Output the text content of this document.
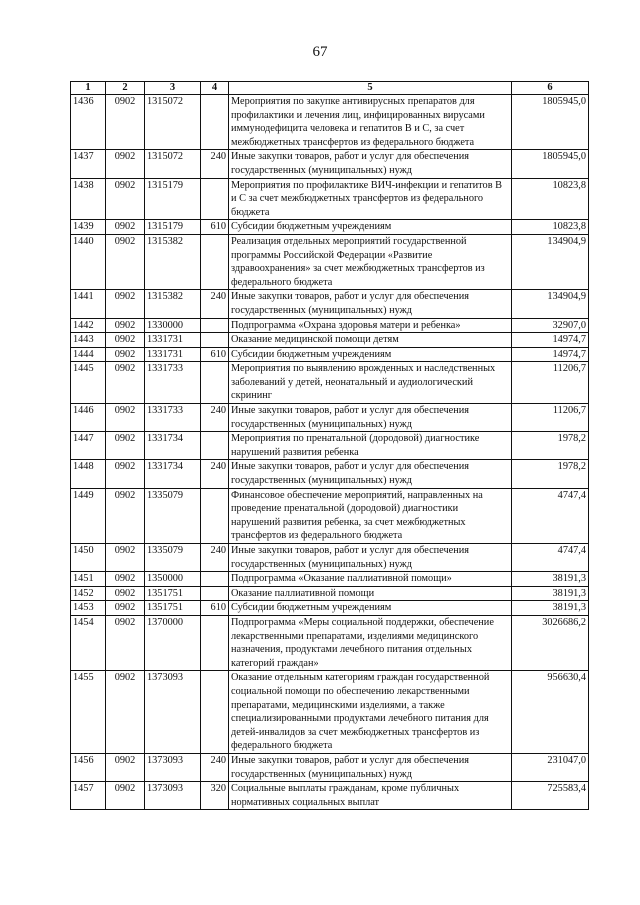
67
1	2	3	4	5	6
1436	0902	1315072		Мероприятия по закупке антивирусных препаратов для профилактики и лечения лиц, инфицированных вирусами иммунодефицита человека и гепатитов В и С, за счет межбюджетных трансфертов из федерального бюджета	1805945,0
1437	0902	1315072	240	Иные закупки товаров, работ и услуг для обеспечения государственных (муниципальных) нужд	1805945,0
1438	0902	1315179		Мероприятия по профилактике ВИЧ-инфекции и гепатитов В и С за счет межбюджетных трансфертов из федерального бюджета	10823,8
1439	0902	1315179	610	Субсидии бюджетным учреждениям	10823,8
1440	0902	1315382		Реализация отдельных мероприятий государственной программы Российской Федерации «Развитие здравоохранения» за счет межбюджетных трансфертов из федерального бюджета	134904,9
1441	0902	1315382	240	Иные закупки товаров, работ и услуг для обеспечения государственных (муниципальных) нужд	134904,9
1442	0902	1330000		Подпрограмма «Охрана здоровья матери и ребенка»	32907,0
1443	0902	1331731		Оказание медицинской помощи детям	14974,7
1444	0902	1331731	610	Субсидии бюджетным учреждениям	14974,7
1445	0902	1331733		Мероприятия по выявлению врожденных и наследственных заболеваний у детей, неонатальный и аудиологический скрининг	11206,7
1446	0902	1331733	240	Иные закупки товаров, работ и услуг для обеспечения государственных (муниципальных) нужд	11206,7
1447	0902	1331734		Мероприятия по пренатальной (дородовой) диагностике нарушений развития ребенка	1978,2
1448	0902	1331734	240	Иные закупки товаров, работ и услуг для обеспечения государственных (муниципальных) нужд	1978,2
1449	0902	1335079		Финансовое обеспечение мероприятий, направленных на проведение пренатальной (дородовой) диагностики нарушений развития ребенка, за счет межбюджетных трансфертов из федерального бюджета	4747,4
1450	0902	1335079	240	Иные закупки товаров, работ и услуг для обеспечения государственных (муниципальных) нужд	4747,4
1451	0902	1350000		Подпрограмма «Оказание паллиативной помощи»	38191,3
1452	0902	1351751		Оказание паллиативной помощи	38191,3
1453	0902	1351751	610	Субсидии бюджетным учреждениям	38191,3
1454	0902	1370000		Подпрограмма «Меры социальной поддержки, обеспечение лекарственными препаратами, изделиями медицинского назначения, продуктами лечебного питания отдельных категорий граждан»	3026686,2
1455	0902	1373093		Оказание отдельным категориям граждан государственной социальной помощи по обеспечению лекарственными препаратами, медицинскими изделиями, а также специализированными продуктами лечебного питания для детей-инвалидов за счет межбюджетных трансфертов из федерального бюджета	956630,4
1456	0902	1373093	240	Иные закупки товаров, работ и услуг для обеспечения государственных (муниципальных) нужд	231047,0
1457	0902	1373093	320	Социальные выплаты гражданам, кроме публичных нормативных социальных выплат	725583,4
